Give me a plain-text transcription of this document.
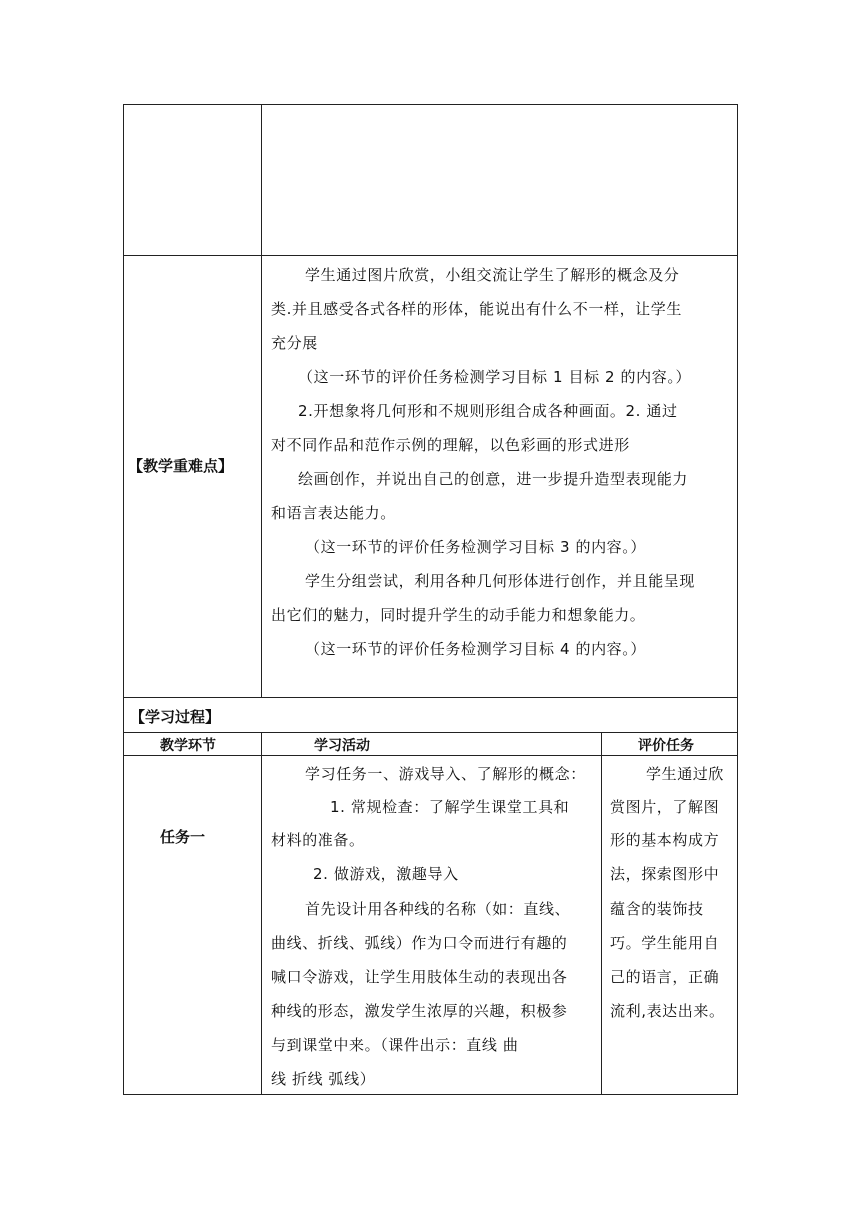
【教学重难点】
学生通过图片欣赏，小组交流让学生了解形的概念及分
类.并且感受各式各样的形体，能说出有什么不一样，让学生
充分展
（这一环节的评价任务检测学习目标 1 目标 2 的内容。）
2.开想象将几何形和不规则形组合成各种画面。2. 通过
对不同作品和范作示例的理解，以色彩画的形式进形
绘画创作，并说出自己的创意，进一步提升造型表现能力
和语言表达能力。
（这一环节的评价任务检测学习目标 3 的内容。）
学生分组尝试，利用各种几何形体进行创作，并且能呈现
出它们的魅力，同时提升学生的动手能力和想象能力。
（这一环节的评价任务检测学习目标 4 的内容。）
【学习过程】
教学环节	学习活动	评价任务
任务一
学习任务一、游戏导入、了解形的概念：
1. 常规检查：了解学生课堂工具和
材料的准备。
2. 做游戏，激趣导入
首先设计用各种线的名称（如：直线、
曲线、折线、弧线）作为口令而进行有趣的
喊口令游戏，让学生用肢体生动的表现出各
种线的形态，激发学生浓厚的兴趣，积极参
与到课堂中来。（课件出示：直线 曲
线 折线 弧线）
学生通过欣
赏图片，了解图
形的基本构成方
法，探索图形中
蕴含的装饰技
巧。学生能用自
己的语言，正确
流利,表达出来。
